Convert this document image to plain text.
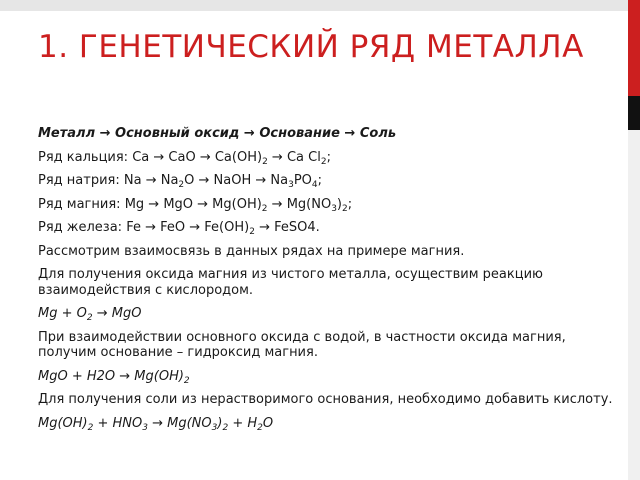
1. ГЕНЕТИЧЕСКИЙ РЯД МЕТАЛЛА

Металл → Основный оксид → Основание → Соль

Ряд кальция: Ca → CaO → $Ca(OH)_2 \to Ca$ $Cl_2$;

Ряд натрия: $Na \to Na_2O$ → NaOH → $Na_3PO_4$;

Ряд магния: Mg → MgO → $Mg(OH)_2 \to Mg(NO_3)_2$;

Ряд железа: Fe → FeO → $Fe(OH)_2$ → FeSO4.

Рассмотрим взаимосвязь в данных рядах на примере магния.

Для получения оксида магния из чистого металла, осуществим реакцию взаимодействия с кислородом.

$Mg + O_2$ → MgO

При взаимодействии основного оксида с водой, в частности оксида магния, получим основание – гидроксид магния.

MgO + $H2O \to Mg(OH)_2$

Для получения соли из нерастворимого основания, необходимо добавить кислоту.

$Mg(OH)_2 + HNO_3 \to Mg(NO_3)_2 + H_2O$
